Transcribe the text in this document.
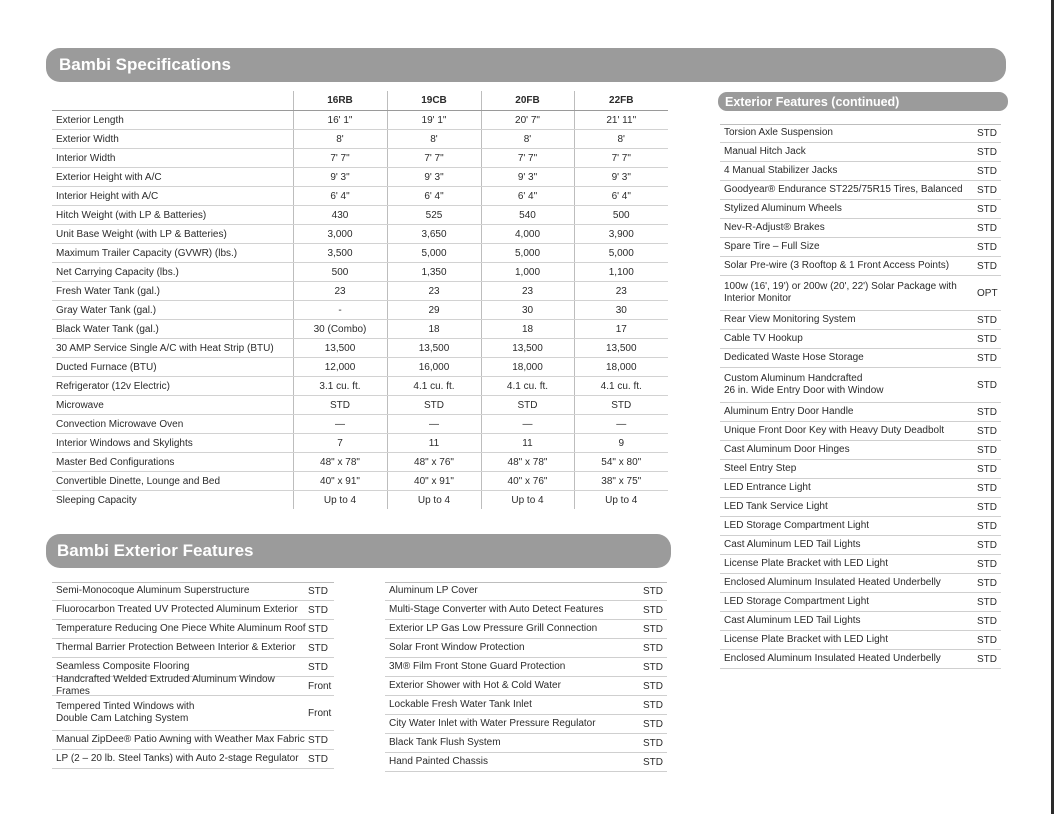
Bambi Specifications
	16RB	19CB	20FB	22FB
Exterior Length	16' 1"	19' 1"	20' 7"	21' 11"
Exterior Width	8'	8'	8'	8'
Interior Width	7' 7"	7' 7"	7' 7"	7' 7"
Exterior Height with A/C	9' 3"	9' 3"	9' 3"	9' 3"
Interior Height with A/C	6' 4"	6' 4"	6' 4"	6' 4"
Hitch Weight (with LP & Batteries)	430	525	540	500
Unit Base Weight (with LP & Batteries)	3,000	3,650	4,000	3,900
Maximum Trailer Capacity (GVWR) (lbs.)	3,500	5,000	5,000	5,000
Net Carrying Capacity (lbs.)	500	1,350	1,000	1,100
Fresh Water Tank (gal.)	23	23	23	23
Gray Water Tank (gal.)	-	29	30	30
Black Water Tank (gal.)	30 (Combo)	18	18	17
30 AMP Service Single A/C with Heat Strip (BTU)	13,500	13,500	13,500	13,500
Ducted Furnace (BTU)	12,000	16,000	18,000	18,000
Refrigerator (12v Electric)	3.1 cu. ft.	4.1 cu. ft.	4.1 cu. ft.	4.1 cu. ft.
Microwave	STD	STD	STD	STD
Convection Microwave Oven	—	—	—	—
Interior Windows and Skylights	7	11	11	9
Master Bed Configurations	48" x 78"	48" x 76"	48" x 78"	54" x 80"
Convertible Dinette, Lounge and Bed	40" x 91"	40" x 91"	40" x 76"	38" x 75"
Sleeping Capacity	Up to 4	Up to 4	Up to 4	Up to 4
Exterior Features (continued)
Bambi Exterior Features
Semi-Monocoque Aluminum Superstructure	STD
Fluorocarbon Treated UV Protected Aluminum Exterior	STD
Temperature Reducing One Piece White Aluminum Roof STD
Thermal Barrier Protection Between Interior & Exterior	STD
Seamless Composite Flooring	STD
Handcrafted Welded Extruded Aluminum Window Frames	Front
Tempered Tinted Windows with
Double Cam Latching System	Front
Manual ZipDee® Patio Awning with Weather Max Fabric STD
LP (2 – 20 lb. Steel Tanks) with Auto 2-stage Regulator STD
Aluminum LP Cover	STD
Multi-Stage Converter with Auto Detect Features	STD
Exterior LP Gas Low Pressure Grill Connection	STD
Solar Front Window Protection	STD
3M® Film Front Stone Guard Protection	STD
Exterior Shower with Hot & Cold Water	STD
Lockable Fresh Water Tank Inlet	STD
City Water Inlet with Water Pressure Regulator	STD
Black Tank Flush System	STD
Hand Painted Chassis	STD
Torsion Axle Suspension	STD
Manual Hitch Jack	STD
4 Manual Stabilizer Jacks	STD
Goodyear® Endurance ST225/75R15 Tires, Balanced	STD
Stylized Aluminum Wheels	STD
Nev-R-Adjust® Brakes	STD
Spare Tire – Full Size	STD
Solar Pre-wire (3 Rooftop & 1 Front Access Points)	STD
100w (16', 19') or 200w (20', 22') Solar Package with
Interior Monitor	OPT
Rear View Monitoring System	STD
Cable TV Hookup	STD
Dedicated Waste Hose Storage	STD
Custom Aluminum Handcrafted
26 in. Wide Entry Door with Window	STD
Aluminum Entry Door Handle	STD
Unique Front Door Key with Heavy Duty Deadbolt	STD
Cast Aluminum Door Hinges	STD
Steel Entry Step	STD
LED Entrance Light	STD
LED Tank Service Light	STD
LED Storage Compartment Light	STD
Cast Aluminum LED Tail Lights	STD
License Plate Bracket with LED Light	STD
Enclosed Aluminum Insulated Heated Underbelly	STD
LED Storage Compartment Light	STD
Cast Aluminum LED Tail Lights	STD
License Plate Bracket with LED Light	STD
Enclosed Aluminum Insulated Heated Underbelly	STD
